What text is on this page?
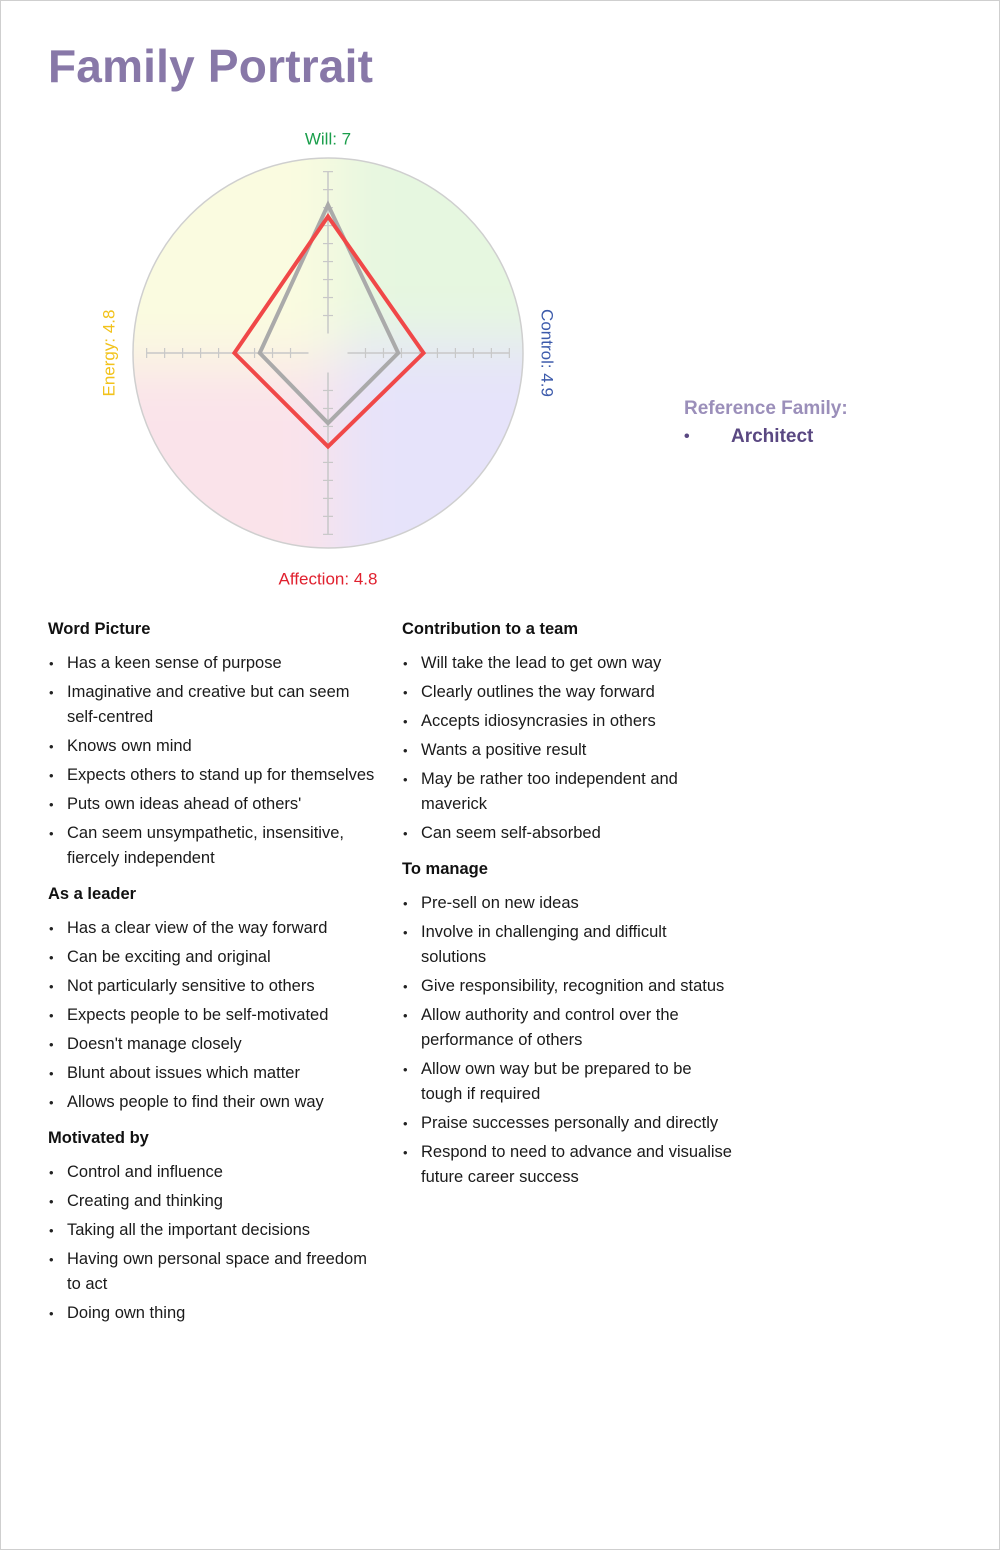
Family Portrait
Will: 7
Control: 4.9
Affection: 4.8
Energy: 4.8
Reference Family:
•	Architect
Word Picture
• Has a keen sense of purpose
• Imaginative and creative but can seem self-centred
• Knows own mind
• Expects others to stand up for themselves
• Puts own ideas ahead of others'
• Can seem unsympathetic, insensitive, fiercely independent
As a leader
• Has a clear view of the way forward
• Can be exciting and original
• Not particularly sensitive to others
• Expects people to be self-motivated
• Doesn't manage closely
• Blunt about issues which matter
• Allows people to find their own way
Motivated by
• Control and influence
• Creating and thinking
• Taking all the important decisions
• Having own personal space and freedom to act
• Doing own thing
Contribution to a team
• Will take the lead to get own way
• Clearly outlines the way forward
• Accepts idiosyncrasies in others
• Wants a positive result
• May be rather too independent and maverick
• Can seem self-absorbed
To manage
• Pre-sell on new ideas
• Involve in challenging and difficult solutions
• Give responsibility, recognition and status
• Allow authority and control over the performance of others
• Allow own way but be prepared to be tough if required
• Praise successes personally and directly
• Respond to need to advance and visualise future career success
